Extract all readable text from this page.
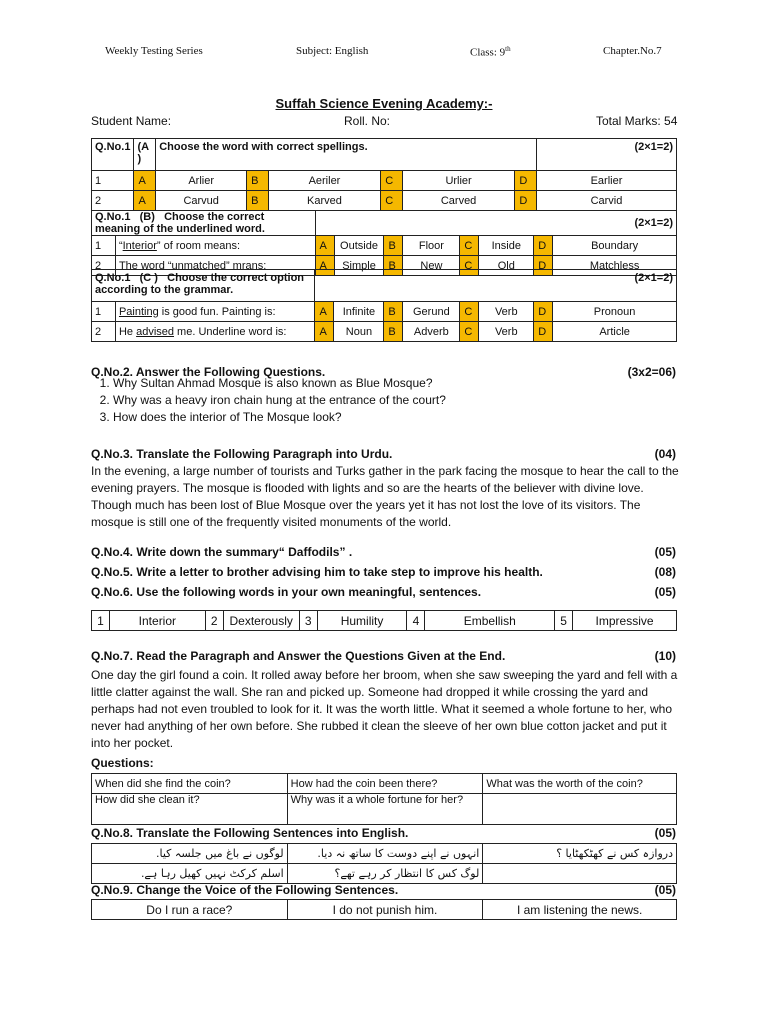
Weekly Testing Series	Subject: English	Class: 9th	Chapter.No.7
Suffah Science Evening Academy:-
Student Name:	Roll. No:	Total Marks: 54
Q.No.1	(A )	Choose the word with correct spellings.						(2×1=2)
1	A	Arlier	B	Aeriler	C	Urlier	D	Earlier
2	A	Carvud	B	Karved	C	Carved	D	Carvid
Q.No.1 (B) Choose the correct meaning of the underlined word.		(2×1=2)							
1	“Interior” of room means:	A	Outside	B	Floor	C	Inside	D	Boundary
2	The word “unmatched” mrans:	A	Simple	B	New	C	Old	D	Matchless
Q.No.1 (C ) Choose the correct option according to the grammar.		(2×1=2)							
1	Painting is good fun. Painting is:	A	Infinite	B	Gerund	C	Verb	D	Pronoun
2	He advised me. Underline word is:	A	Noun	B	Adverb	C	Verb	D	Article
Q.No.2. Answer the Following Questions.	(3x2=06)
1. Why Sultan Ahmad Mosque is also known as Blue Mosque?
2. Why was a heavy iron chain hung at the entrance of the court?
3. How does the interior of The Mosque look?
Q.No.3. Translate the Following Paragraph into Urdu.	(04)
In the evening, a large number of tourists and Turks gather in the park facing the mosque to hear the call to the evening prayers. The mosque is flooded with lights and so are the hearts of the believer with divine love. Though much has been lost of Blue Mosque over the years yet it has not lost the love of its visitors. The mosque is still one of the frequently visited monuments of the world.
Q.No.4. Write down the summary“ Daffodils” .	(05)
Q.No.5. Write a letter to brother advising him to take step to improve his health.	(08)
Q.No.6. Use the following words in your own meaningful, sentences.	(05)
1	Interior	2	Dexterously	3	Humility	4	Embellish	5	Impressive
Q.No.7. Read the Paragraph and Answer the Questions Given at the End.	(10)
One day the girl found a coin. It rolled away before her broom, when she saw sweeping the yard and fell with a little clatter against the wall. She ran and picked up. Someone had dropped it while crossing the yard and perhaps had not even troubled to look for it. It was the worth little. What it seemed a whole fortune to her, who never had anything of her own before. She rubbed it clean the sleeve of her own blue cotton jacket and put it into her pocket.
Questions:
When did she find the coin?	How had the coin been there?	What was the worth of the coin?
How did she clean it?	Why was it a whole fortune for her?	
Q.No.8. Translate the Following Sentences into English.	(05)
لوگوں نے باغ میں جلسہ کیا.	انہوں نے اپنے دوست کا ساتھ نہ دیا.	دروازہ کس نے کھٹکھٹایا ؟
اسلم کرکٹ نہیں کھیل رہا ہے.	لوگ کس کا انتظار کر رہے تھے؟	
Q.No.9. Change the Voice of the Following Sentences.	(05)
Do I run a race?	I do not punish him.	I am listening the news.
